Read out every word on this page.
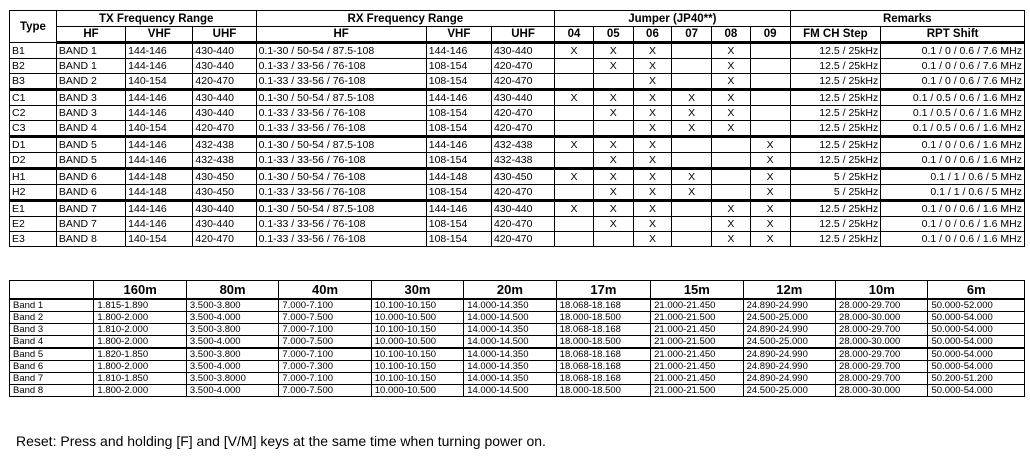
Type	TX Frequency Range			RX Frequency Range			Jumper (JP40**)						Remarks	
	HF	VHF	UHF	HF	VHF	UHF	04	05	06	07	08	09	FM CH Step	RPT Shift
B1	BAND 1	144-146	430-440	0.1-30 / 50-54 / 87.5-108	144-146	430-440	X	X	X		X		12.5 / 25kHz	0.1 / 0 / 0.6 / 7.6 MHz
B2	BAND 1	144-146	430-440	0.1-33 / 33-56 / 76-108	108-154	420-470		X	X		X		12.5 / 25kHz	0.1 / 0 / 0.6 / 7.6 MHz
B3	BAND 2	140-154	420-470	0.1-33 / 33-56 / 76-108	108-154	420-470			X		X		12.5 / 25kHz	0.1 / 0 / 0.6 / 7.6 MHz
C1	BAND 3	144-146	430-440	0.1-30 / 50-54 / 87.5-108	144-146	430-440	X	X	X	X	X		12.5 / 25kHz	0.1 / 0.5 / 0.6 / 1.6 MHz
C2	BAND 3	144-146	430-440	0.1-33 / 33-56 / 76-108	108-154	420-470		X	X	X	X		12.5 / 25kHz	0.1 / 0.5 / 0.6 / 1.6 MHz
C3	BAND 4	140-154	420-470	0.1-33 / 33-56 / 76-108	108-154	420-470			X	X	X		12.5 / 25kHz	0.1 / 0.5 / 0.6 / 1.6 MHz
D1	BAND 5	144-146	432-438	0.1-30 / 50-54 / 87.5-108	144-146	432-438	X	X	X			X	12.5 / 25kHz	0.1 / 0 / 0.6 / 1.6 MHz
D2	BAND 5	144-146	432-438	0.1-33 / 33-56 / 76-108	108-154	432-438		X	X			X	12.5 / 25kHz	0.1 / 0 / 0.6 / 1.6 MHz
H1	BAND 6	144-148	430-450	0.1-30 / 50-54 / 76-108	144-148	430-450	X	X	X	X		X	5 / 25kHz	0.1 / 1 / 0.6 / 5 MHz
H2	BAND 6	144-148	430-450	0.1-33 / 33-56 / 76-108	108-154	420-470		X	X	X		X	5 / 25kHz	0.1 / 1 / 0.6 / 5 MHz
E1	BAND 7	144-146	430-440	0.1-30 / 50-54 / 87.5-108	144-146	430-440	X	X	X		X	X	12.5 / 25kHz	0.1 / 0 / 0.6 / 1.6 MHz
E2	BAND 7	144-146	430-440	0.1-33 / 33-56 / 76-108	108-154	420-470		X	X		X	X	12.5 / 25kHz	0.1 / 0 / 0.6 / 1.6 MHz
E3	BAND 8	140-154	420-470	0.1-33 / 33-56 / 76-108	108-154	420-470			X		X	X	12.5 / 25kHz	0.1 / 0 / 0.6 / 1.6 MHz
	160m	80m	40m	30m	20m	17m	15m	12m	10m	6m
Band 1	1.815-1.890	3.500-3.800	7.000-7.100	10.100-10.150	14.000-14.350	18.068-18.168	21.000-21.450	24.890-24.990	28.000-29.700	50.000-52.000
Band 2	1.800-2.000	3.500-4.000	7.000-7.500	10.000-10.500	14.000-14.500	18.000-18.500	21.000-21.500	24.500-25.000	28.000-30.000	50.000-54.000
Band 3	1.810-2.000	3.500-3.800	7.000-7.100	10.100-10.150	14.000-14.350	18.068-18.168	21.000-21.450	24.890-24.990	28.000-29.700	50.000-54.000
Band 4	1.800-2.000	3.500-4.000	7.000-7.500	10.000-10.500	14.000-14.500	18.000-18.500	21.000-21.500	24.500-25.000	28.000-30.000	50.000-54.000
Band 5	1.820-1.850	3.500-3.800	7.000-7.100	10.100-10.150	14.000-14.350	18.068-18.168	21.000-21.450	24.890-24.990	28.000-29.700	50.000-54.000
Band 6	1.800-2.000	3.500-4.000	7.000-7.300	10.100-10.150	14.000-14.350	18.068-18.168	21.000-21.450	24.890-24.990	28.000-29.700	50.000-54.000
Band 7	1.810-1.850	3.500-3.8000	7.000-7.100	10.100-10.150	14.000-14.350	18.068-18.168	21.000-21.450	24.890-24.990	28.000-29.700	50.200-51.200
Band 8	1.800-2.000	3.500-4.000	7.000-7.500	10.000-10.500	14.000-14.500	18.000-18.500	21.000-21.500	24.500-25.000	28.000-30.000	50.000-54.000
Reset: Press and holding [F] and [V/M] keys at the same time when turning power on.
